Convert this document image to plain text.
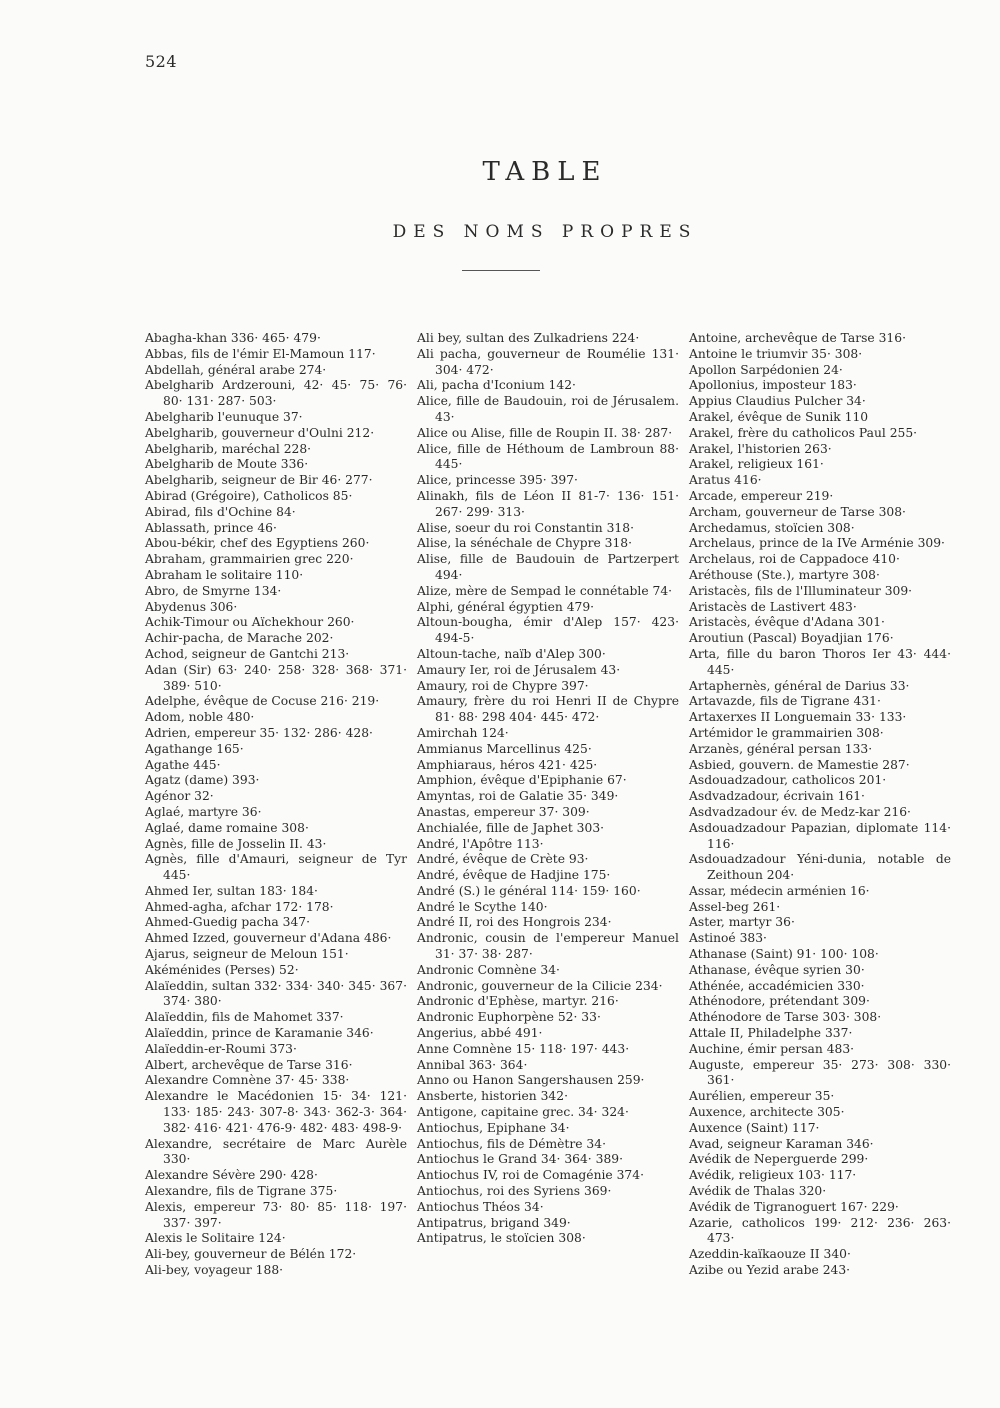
524
TABLE
DES NOMS PROPRES
Abagha-khan 336· 465· 479·
Abbas, fils de l'émir El-Mamoun 117·
Abdellah, général arabe 274·
Abelgharib Ardzerouni, 42· 45· 75· 76· 80· 131· 287· 503·
Abelgharib l'eunuque 37·
Abelgharib, gouverneur d'Oulni 212·
Abelgharib, maréchal 228·
Abelgharib de Moute 336·
Abelgharib, seigneur de Bir 46· 277·
Abirad (Grégoire), Catholicos 85·
Abirad, fils d'Ochine 84·
Ablassath, prince 46·
Abou-békir, chef des Egyptiens 260·
Abraham, grammairien grec 220·
Abraham le solitaire 110·
Abro, de Smyrne 134·
Abydenus 306·
Achik-Timour ou Aïchekhour 260·
Achir-pacha, de Marache 202·
Achod, seigneur de Gantchi 213·
Adan (Sir) 63· 240· 258· 328· 368· 371· 389· 510·
Adelphe, évêque de Cocuse 216· 219·
Adom, noble 480·
Adrien, empereur 35· 132· 286· 428·
Agathange 165·
Agathe 445·
Agatz (dame) 393·
Agénor 32·
Aglaé, martyre 36·
Aglaé, dame romaine 308·
Agnès, fille de Josselin II. 43·
Agnès, fille d'Amauri, seigneur de Tyr 445·
Ahmed Ier, sultan 183· 184·
Ahmed-agha, afchar 172· 178·
Ahmed-Guedig pacha 347·
Ahmed Izzed, gouverneur d'Adana 486·
Ajarus, seigneur de Meloun 151·
Akéménides (Perses) 52·
Alaïeddin, sultan 332· 334· 340· 345· 367· 374· 380·
Alaïeddin, fils de Mahomet 337·
Alaïeddin, prince de Karamanie 346·
Alaïeddin-er-Roumi 373·
Albert, archevêque de Tarse 316·
Alexandre Comnène 37· 45· 338·
Alexandre le Macédonien 15· 34· 121· 133· 185· 243· 307-8· 343· 362-3· 364· 382· 416· 421· 476-9· 482· 483· 498-9·
Alexandre, secrétaire de Marc Aurèle 330·
Alexandre Sévère 290· 428·
Alexandre, fils de Tigrane 375·
Alexis, empereur 73· 80· 85· 118· 197· 337· 397·
Alexis le Solitaire 124·
Ali-bey, gouverneur de Bélén 172·
Ali-bey, voyageur 188·
Ali bey, sultan des Zulkadriens 224·
Ali pacha, gouverneur de Roumélie 131· 304· 472·
Ali, pacha d'Iconium 142·
Alice, fille de Baudouin, roi de Jérusalem. 43·
Alice ou Alise, fille de Roupin II. 38· 287·
Alice, fille de Héthoum de Lambroun 88· 445·
Alice, princesse 395· 397·
Alinakh, fils de Léon II 81-7· 136· 151· 267· 299· 313·
Alise, soeur du roi Constantin 318·
Alise, la sénéchale de Chypre 318·
Alise, fille de Baudouin de Partzerpert 494·
Alize, mère de Sempad le connétable 74·
Alphi, général égyptien 479·
Altoun-bougha, émir d'Alep 157· 423· 494-5·
Altoun-tache, naïb d'Alep 300·
Amaury Ier, roi de Jérusalem 43·
Amaury, roi de Chypre 397·
Amaury, frère du roi Henri II de Chypre 81· 88· 298 404· 445· 472·
Amirchah 124·
Ammianus Marcellinus 425·
Amphiaraus, héros 421· 425·
Amphion, évêque d'Epiphanie 67·
Amyntas, roi de Galatie 35· 349·
Anastas, empereur 37· 309·
Anchialée, fille de Japhet 303·
André, l'Apôtre 113·
André, évêque de Crète 93·
André, évêque de Hadjine 175·
André (S.) le général 114· 159· 160·
André le Scythe 140·
André II, roi des Hongrois 234·
Andronic, cousin de l'empereur Manuel 31· 37· 38· 287·
Andronic Comnène 34·
Andronic, gouverneur de la Cilicie 234·
Andronic d'Ephèse, martyr. 216·
Andronic Euphorpène 52· 33·
Angerius, abbé 491·
Anne Comnène 15· 118· 197· 443·
Annibal 363· 364·
Anno ou Hanon Sangershausen 259·
Ansberte, historien 342·
Antigone, capitaine grec. 34· 324·
Antiochus, Epiphane 34·
Antiochus, fils de Démètre 34·
Antiochus le Grand 34· 364· 389·
Antiochus IV, roi de Comagénie 374·
Antiochus, roi des Syriens 369·
Antiochus Théos 34·
Antipatrus, brigand 349·
Antipatrus, le stoïcien 308·
Antoine, archevêque de Tarse 316·
Antoine le triumvir 35· 308·
Apollon Sarpédonien 24·
Apollonius, imposteur 183·
Appius Claudius Pulcher 34·
Arakel, évêque de Sunik 110
Arakel, frère du catholicos Paul 255·
Arakel, l'historien 263·
Arakel, religieux 161·
Aratus 416·
Arcade, empereur 219·
Archam, gouverneur de Tarse 308·
Archedamus, stoïcien 308·
Archelaus, prince de la IVe Arménie 309·
Archelaus, roi de Cappadoce 410·
Aréthouse (Ste.), martyre 308·
Aristacès, fils de l'Illuminateur 309·
Aristacès de Lastivert 483·
Aristacès, évêque d'Adana 301·
Aroutiun (Pascal) Boyadjian 176·
Arta, fille du baron Thoros Ier 43· 444· 445·
Artaphernès, général de Darius 33·
Artavazde, fils de Tigrane 431·
Artaxerxes II Longuemain 33· 133·
Artémidor le grammairien 308·
Arzanès, général persan 133·
Asbied, gouvern. de Mamestie 287·
Asdouadzadour, catholicos 201·
Asdvadzadour, écrivain 161·
Asdvadzadour év. de Medz-kar 216·
Asdouadzadour Papazian, diplomate 114· 116·
Asdouadzadour Yéni-dunia, notable de Zeithoun 204·
Assar, médecin arménien 16·
Assel-beg 261·
Aster, martyr 36·
Astinoé 383·
Athanase (Saint) 91· 100· 108·
Athanase, évêque syrien 30·
Athénée, accadémicien 330·
Athénodore, prétendant 309·
Athénodore de Tarse 303· 308·
Attale II, Philadelphe 337·
Auchine, émir persan 483·
Auguste, empereur 35· 273· 308· 330· 361·
Aurélien, empereur 35·
Auxence, architecte 305·
Auxence (Saint) 117·
Avad, seigneur Karaman 346·
Avédik de Neperguerde 299·
Avédik, religieux 103· 117·
Avédik de Thalas 320·
Avédik de Tigranoguert 167· 229·
Azarie, catholicos 199· 212· 236· 263· 473·
Azeddin-kaïkaouze II 340·
Azibe ou Yezid arabe 243·
